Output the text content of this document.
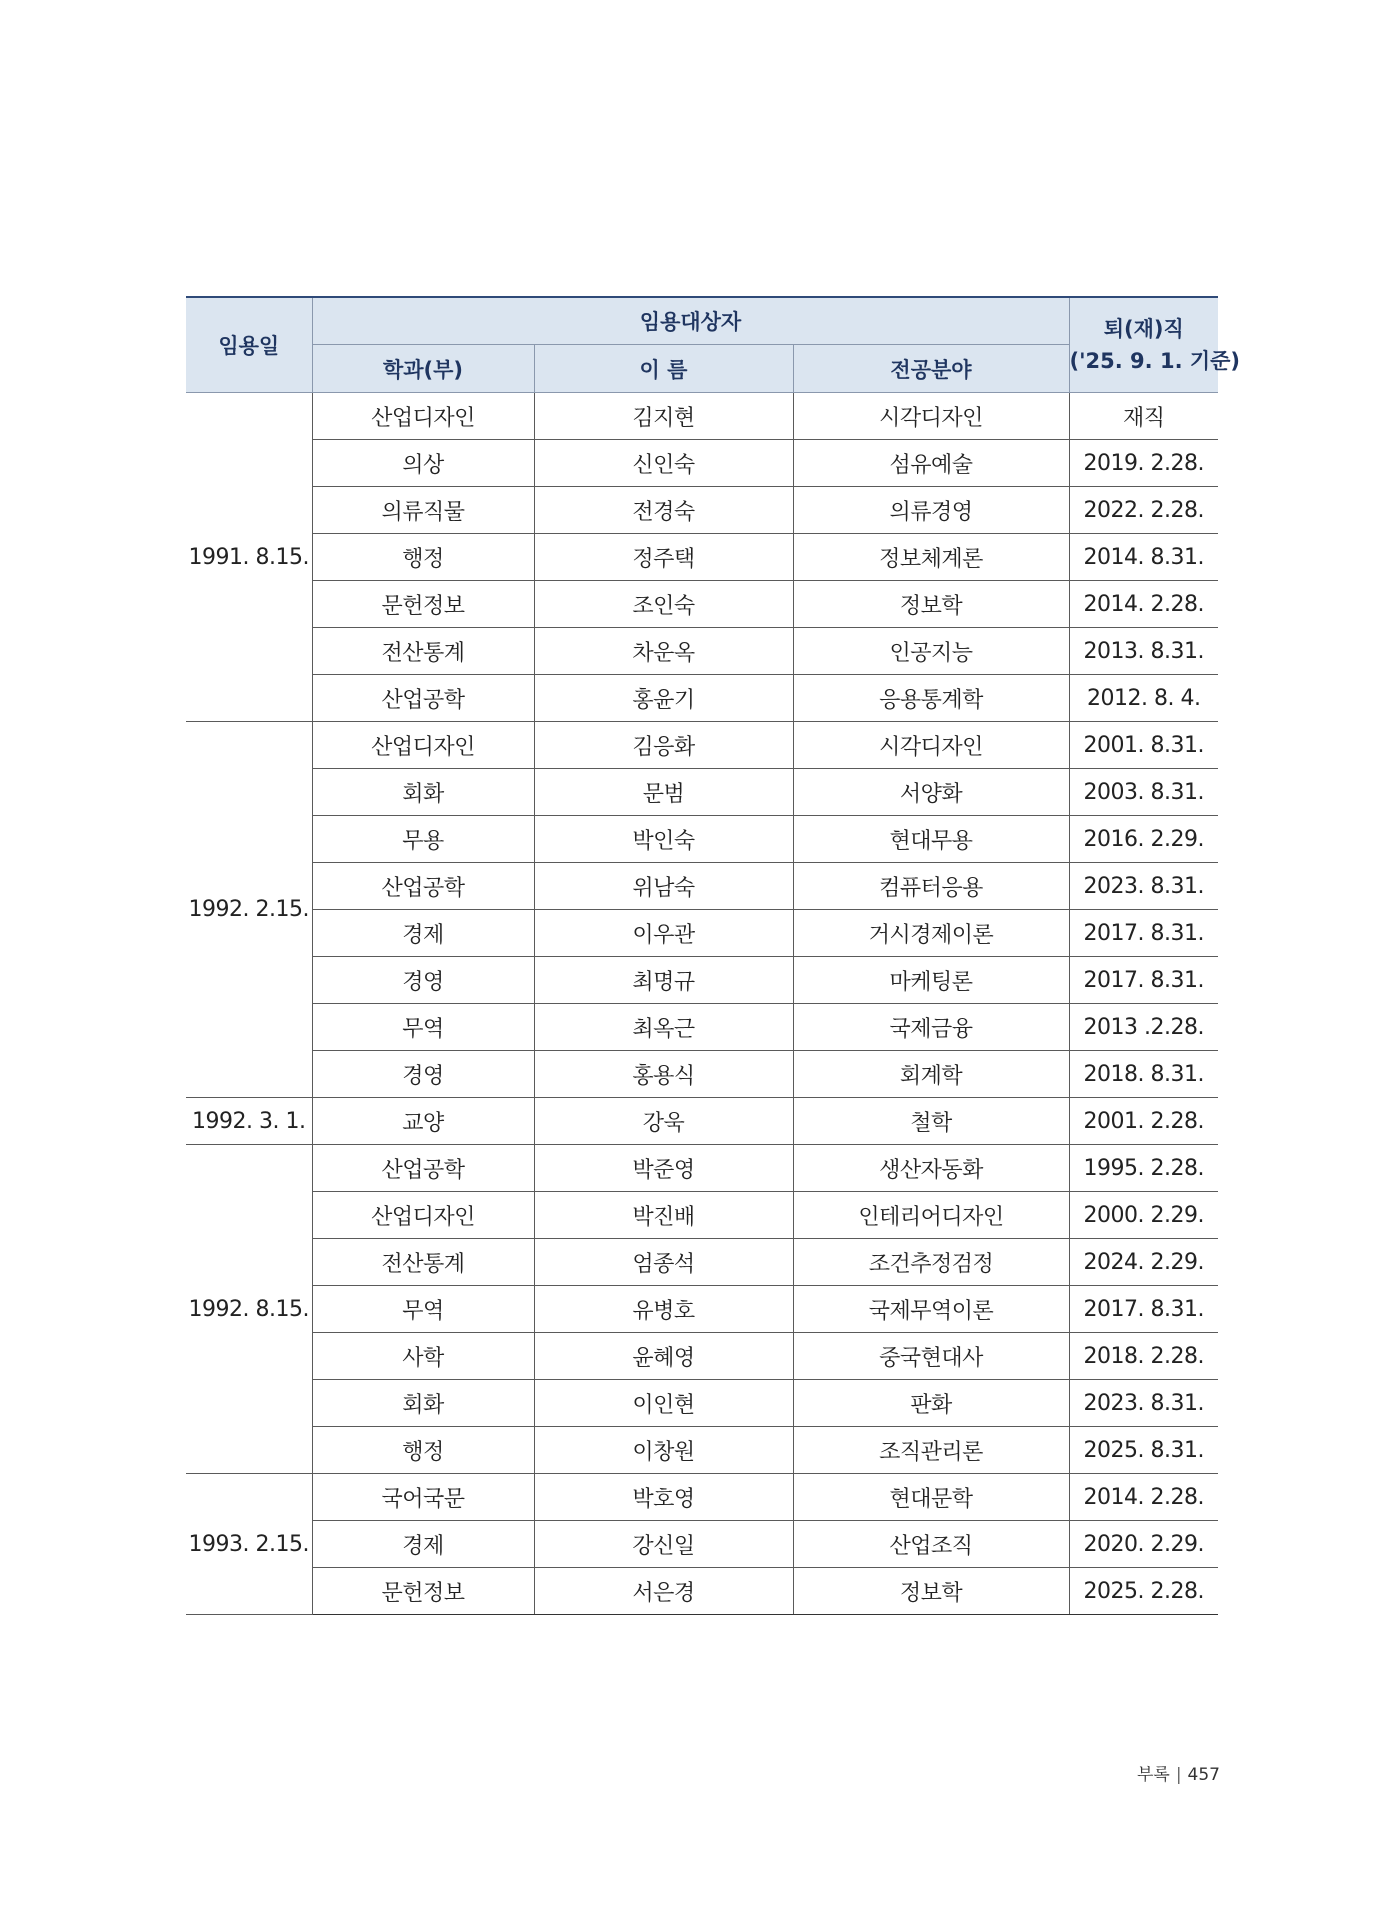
임용일	임용대상자			퇴(재)직
('25. 9. 1. 기준)

	학과(부)	이 름	전공분야	
1991. 8.15.	산업디자인	김지현	시각디자인	재직
	의상	신인숙	섬유예술	2019. 2.28.
	의류직물	전경숙	의류경영	2022. 2.28.
	행정	정주택	정보체계론	2014. 8.31.
	문헌정보	조인숙	정보학	2014. 2.28.
	전산통계	차운옥	인공지능	2013. 8.31.
	산업공학	홍윤기	응용통계학	2012. 8. 4.
1992. 2.15.	산업디자인	김응화	시각디자인	2001. 8.31.
	회화	문범	서양화	2003. 8.31.
	무용	박인숙	현대무용	2016. 2.29.
	산업공학	위남숙	컴퓨터응용	2023. 8.31.
	경제	이우관	거시경제이론	2017. 8.31.
	경영	최명규	마케팅론	2017. 8.31.
	무역	최옥근	국제금융	2013 .2.28.
	경영	홍용식	회계학	2018. 8.31.
1992. 3. 1.	교양	강욱	철학	2001. 2.28.
1992. 8.15.	산업공학	박준영	생산자동화	1995. 2.28.
	산업디자인	박진배	인테리어디자인	2000. 2.29.
	전산통계	엄종석	조건추정검정	2024. 2.29.
	무역	유병호	국제무역이론	2017. 8.31.
	사학	윤혜영	중국현대사	2018. 2.28.
	회화	이인현	판화	2023. 8.31.
	행정	이창원	조직관리론	2025. 8.31.
1993. 2.15.	국어국문	박호영	현대문학	2014. 2.28.
	경제	강신일	산업조직	2020. 2.29.
	문헌정보	서은경	정보학	2025. 2.28.
부록 | 457
